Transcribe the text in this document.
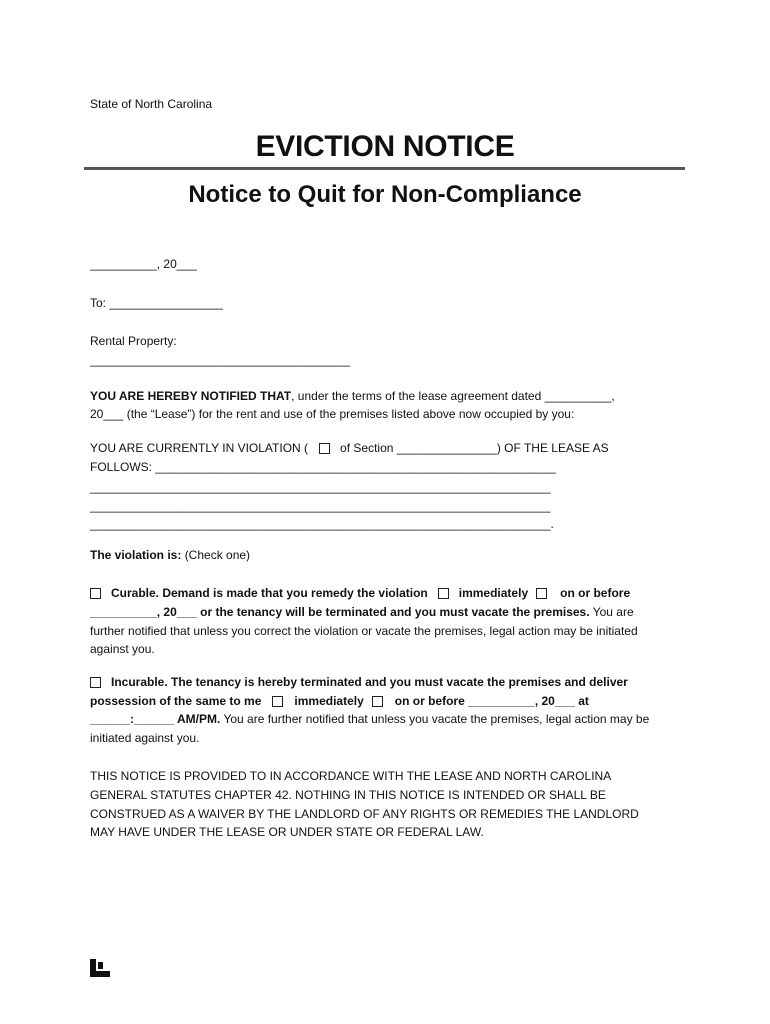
State of North Carolina
EVICTION NOTICE
Notice to Quit for Non-Compliance
__________, 20___
To: _________________
Rental Property:
_______________________________________
YOU ARE HEREBY NOTIFIED THAT, under the terms of the lease agreement dated __________,
20___ (the “Lease”) for the rent and use of the premises listed above now occupied by you:
YOU ARE CURRENTLY IN VIOLATION (	of Section _______________) OF THE LEASE AS
FOLLOWS: ____________________________________________________________
_____________________________________________________________________
_____________________________________________________________________
_____________________________________________________________________.
The violation is: (Check one)
Curable. Demand is made that you remedy the violation	immediately	on or before
__________, 20___ or the tenancy will be terminated and you must vacate the premises. You are
further notified that unless you correct the violation or vacate the premises, legal action may be initiated
against you.
Incurable. The tenancy is hereby terminated and you must vacate the premises and deliver
possession of the same to me	immediately	on or before __________, 20___ at
______:______ AM/PM. You are further notified that unless you vacate the premises, legal action may be
initiated against you.
THIS NOTICE IS PROVIDED TO IN ACCORDANCE WITH THE LEASE AND NORTH CAROLINA
GENERAL STATUTES CHAPTER 42. NOTHING IN THIS NOTICE IS INTENDED OR SHALL BE
CONSTRUED AS A WAIVER BY THE LANDLORD OF ANY RIGHTS OR REMEDIES THE LANDLORD
MAY HAVE UNDER THE LEASE OR UNDER STATE OR FEDERAL LAW.
